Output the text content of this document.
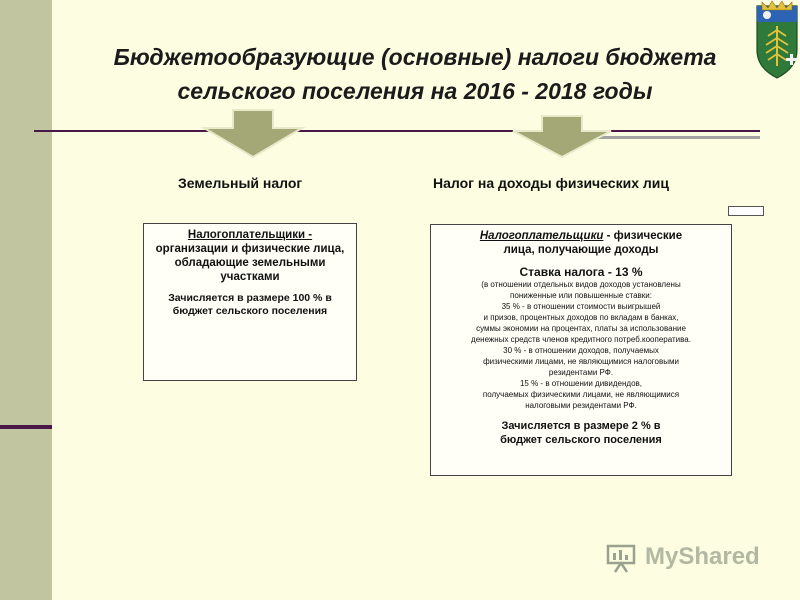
Бюджетообразующие (основные) налоги бюджета
сельского поселения на 2016 - 2018 годы
Земельный налог	Налог на доходы физических лиц
Налогоплательщики -
организации и физические лица, обладающие земельными участками
Зачисляется в размере 100 % в
бюджет сельского поселения
Налогоплательщики - физические
лица, получающие доходы
Ставка налога - 13 %
(в отношении отдельных видов доходов установлены
пониженные или повышенные ставки:
35 % - в отношении стоимости выигрышей
и призов, процентных доходов по вкладам в банках,
суммы экономии на процентах, платы за использование
денежных средств членов кредитного потреб.кооператива.
30 % - в отношении доходов, получаемых
физическими лицами, не являющимися налоговыми
резидентами РФ.
15 % - в отношении дивидендов,
получаемых физическими лицами, не являющимися
налоговыми резидентами РФ.
Зачисляется в размере 2 % в
бюджет сельского поселения
MyShared
